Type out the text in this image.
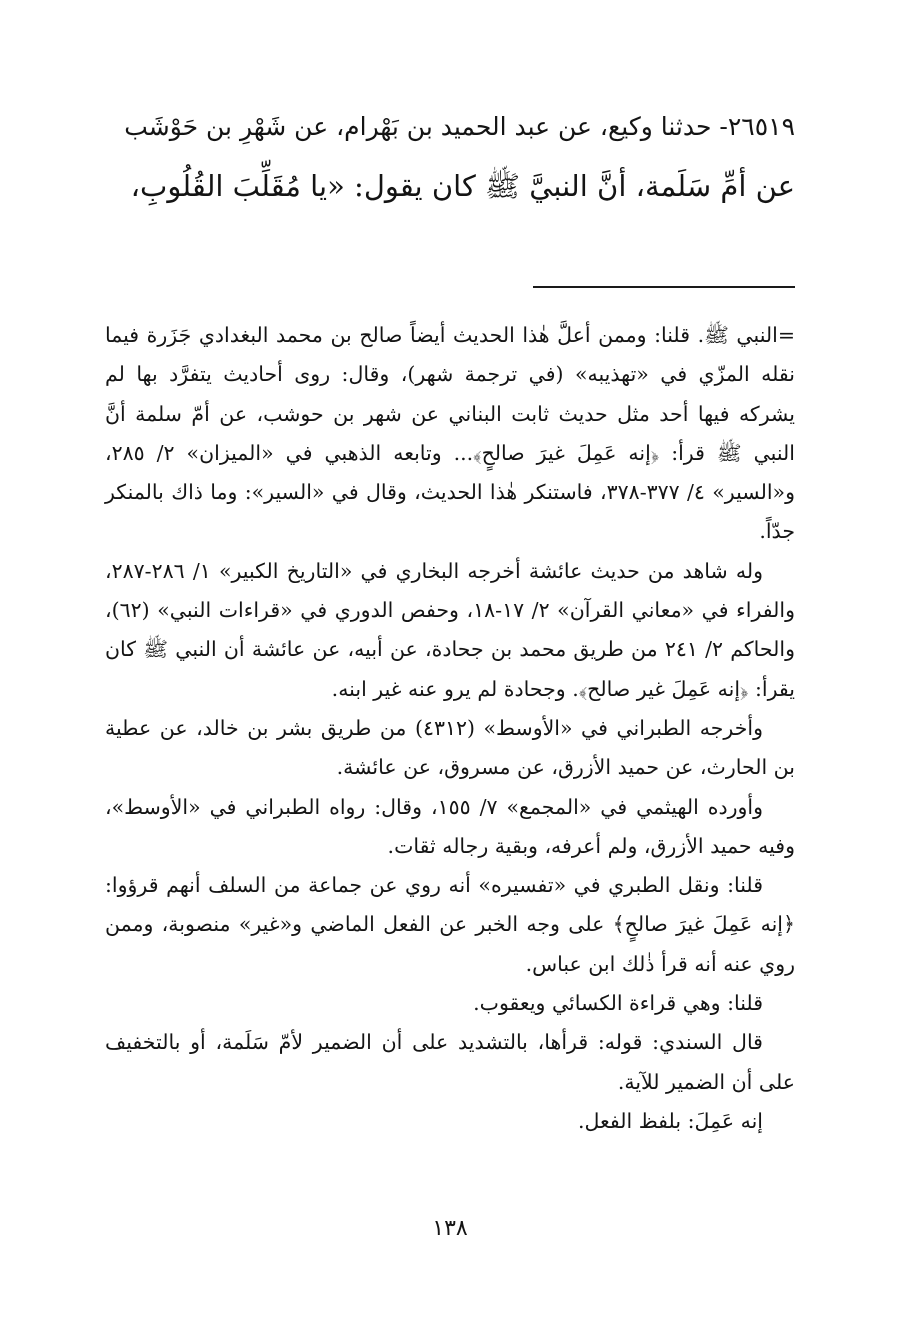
٢٦٥١٩- حدثنا وكيع، عن عبد الحميد بن بَهْرام، عن شَهْرِ بن حَوْشَب

عن أمِّ سَلَمة، أنَّ النبيَّ ﷺ كان يقول: «يا مُقَلِّبَ القُلُوبِ،

=النبي ﷺ. قلنا: وممن أعلَّ هٰذا الحديث أيضاً صالح بن محمد البغدادي جَزَرة فيما نقله المزّي في «تهذيبه» (في ترجمة شهر)، وقال: روى أحاديث يتفرَّد بها لم يشركه فيها أحد مثل حديث ثابت البناني عن شهر بن حوشب، عن أمّ سلمة أنَّ النبي ﷺ قرأ: ﴿إنه عَمِلَ غيرَ صالحٍ﴾... وتابعه الذهبي في «الميزان» ٢/ ٢٨٥، و«السير» ٤/ ٣٧٧-٣٧٨، فاستنكر هٰذا الحديث، وقال في «السير»: وما ذاك بالمنكر جدّاً.

وله شاهد من حديث عائشة أخرجه البخاري في «التاريخ الكبير» ١/ ٢٨٦-٢٨٧، والفراء في «معاني القرآن» ٢/ ١٧-١٨، وحفص الدوري في «قراءات النبي» (٦٢)، والحاكم ٢/ ٢٤١ من طريق محمد بن جحادة، عن أبيه، عن عائشة أن النبي ﷺ كان يقرأ: ﴿إنه عَمِلَ غير صالح﴾. وجحادة لم يرو عنه غير ابنه.

وأخرجه الطبراني في «الأوسط» (٤٣١٢) من طريق بشر بن خالد، عن عطية بن الحارث، عن حميد الأزرق، عن مسروق، عن عائشة.

وأورده الهيثمي في «المجمع» ٧/ ١٥٥، وقال: رواه الطبراني في «الأوسط»، وفيه حميد الأزرق، ولم أعرفه، وبقية رجاله ثقات.

قلنا: ونقل الطبري في «تفسيره» أنه روي عن جماعة من السلف أنهم قرؤوا: ﴿إنه عَمِلَ غيرَ صالحٍ﴾ على وجه الخبر عن الفعل الماضي و«غير» منصوبة، وممن روي عنه أنه قرأ ذٰلك ابن عباس.

قلنا: وهي قراءة الكسائي ويعقوب.

قال السندي: قوله: قرأها، بالتشديد على أن الضمير لأمّ سَلَمة، أو بالتخفيف على أن الضمير للآية.

إنه عَمِلَ: بلفظ الفعل.

١٣٨
